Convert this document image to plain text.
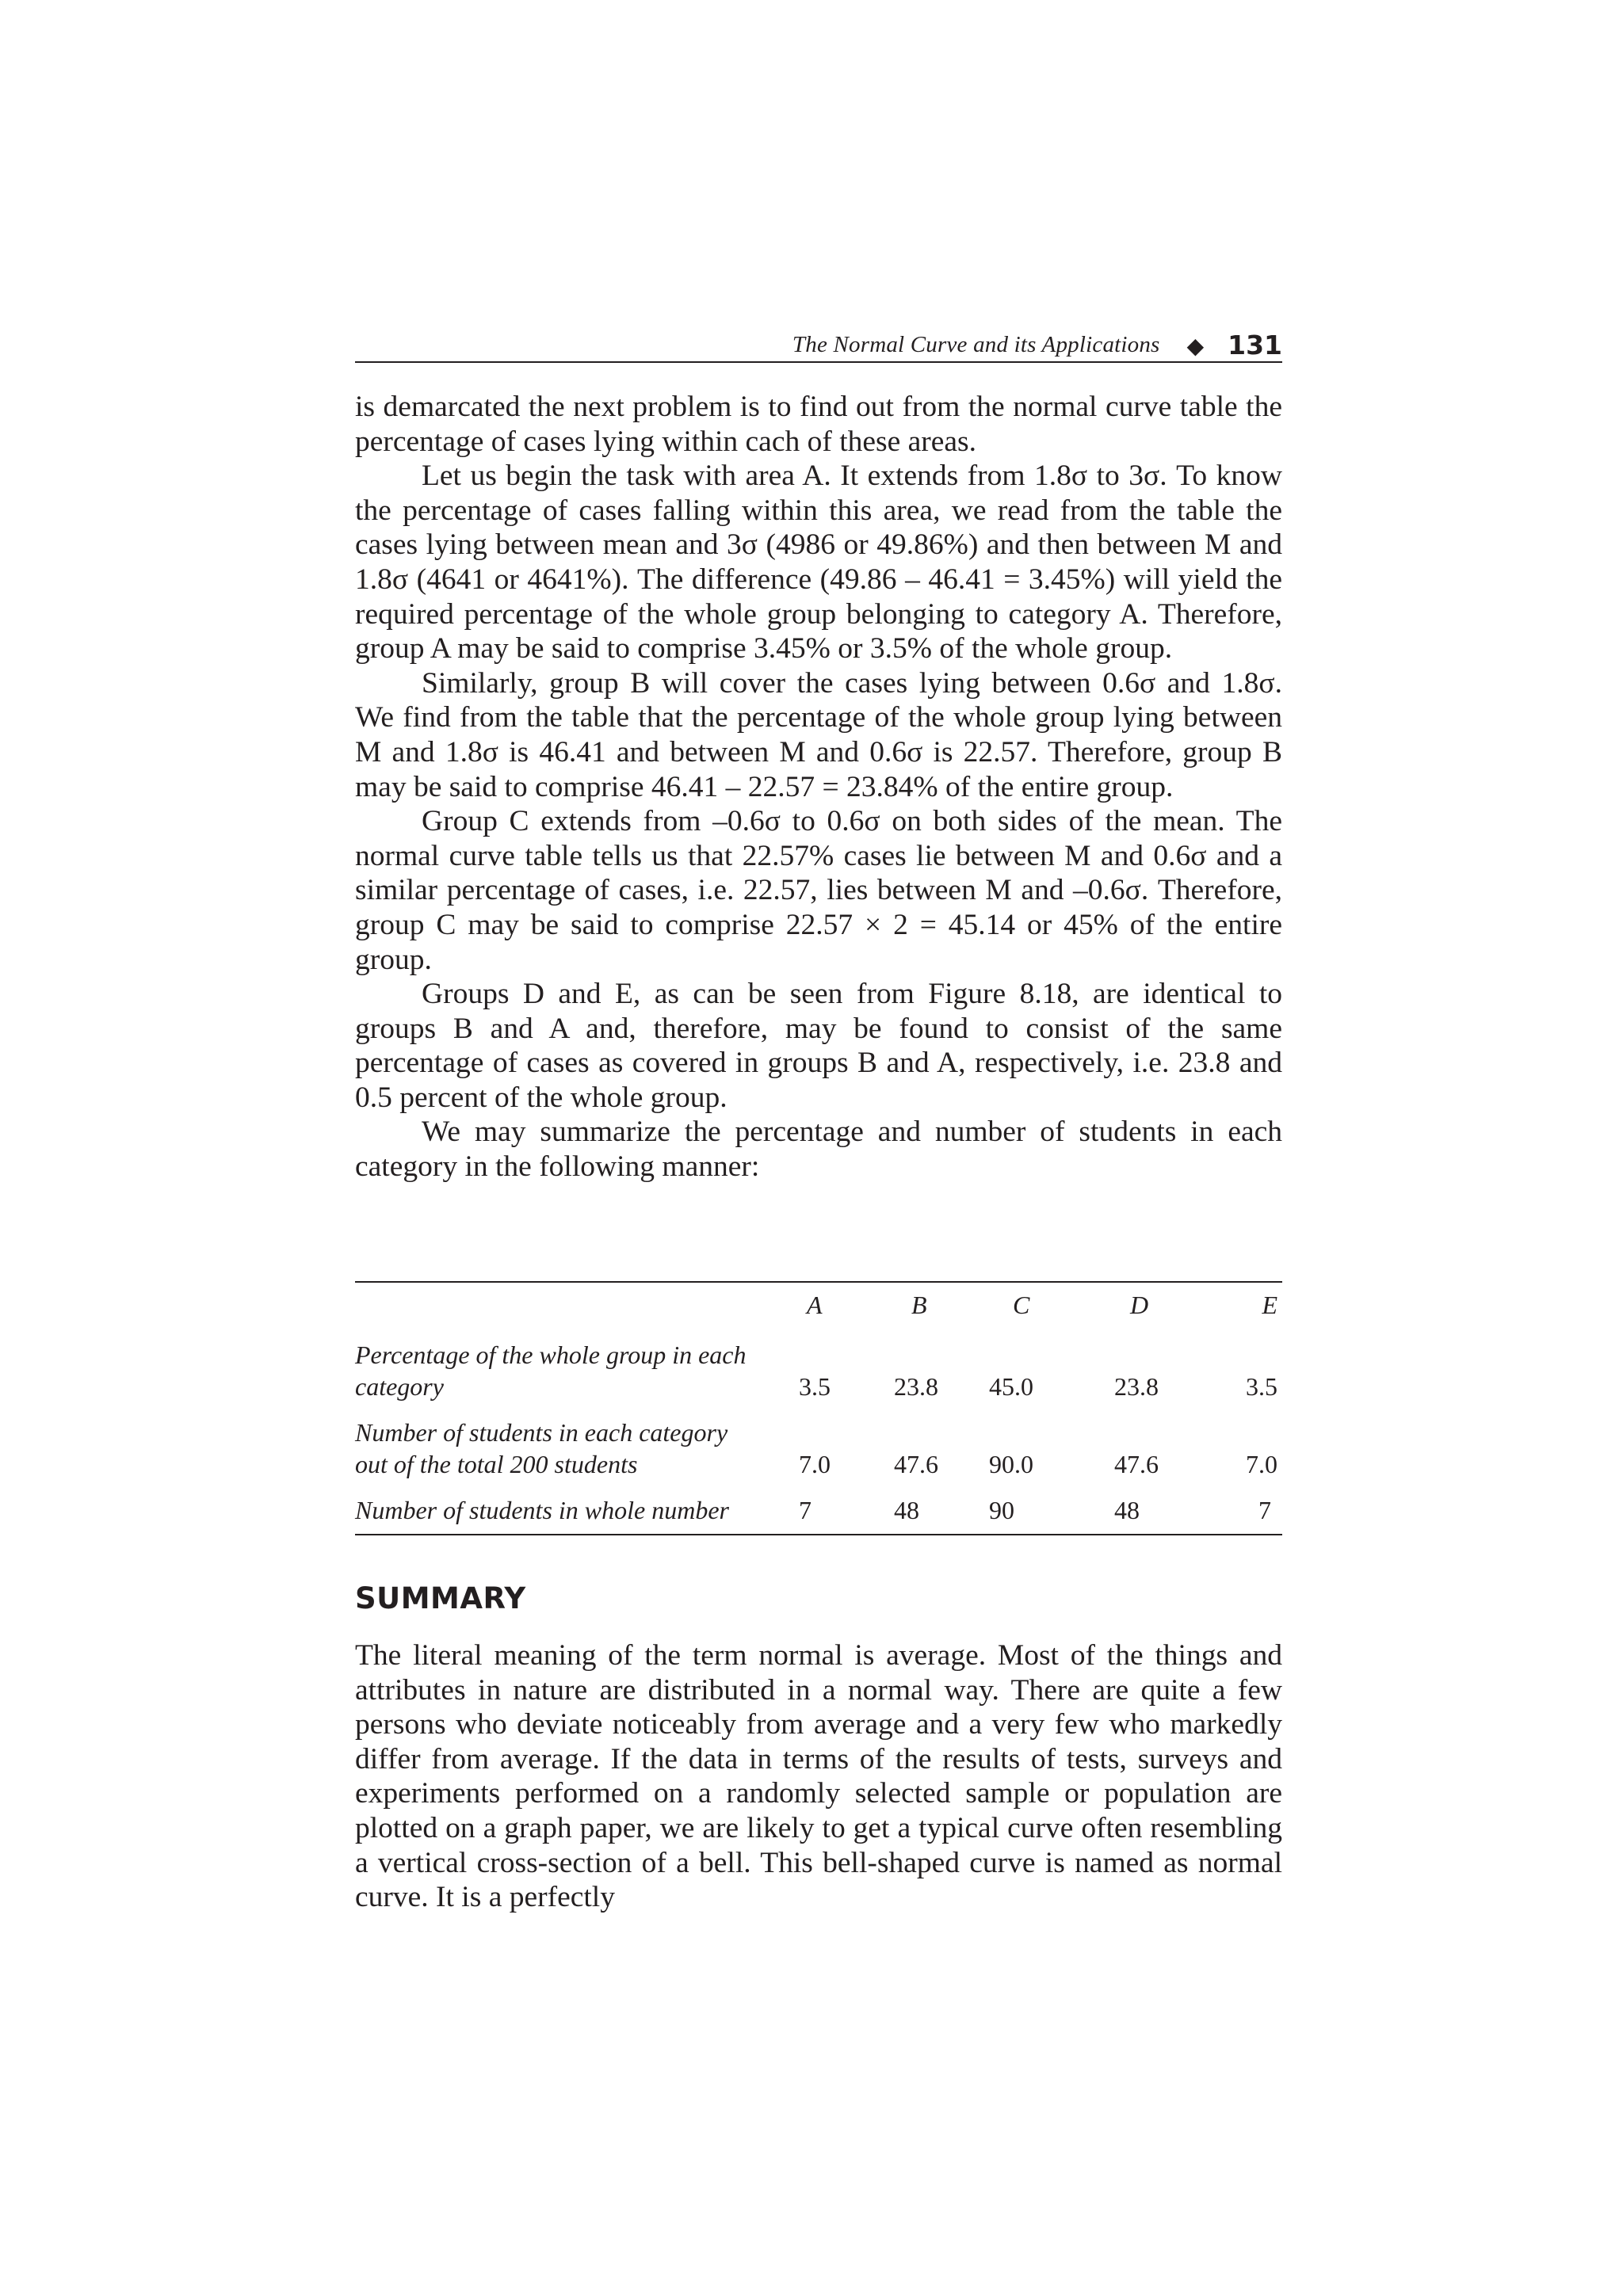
The Normal Curve and its Applications ◆ 131

is demarcated the next problem is to find out from the normal curve table the percentage of cases lying within cach of these areas.

Let us begin the task with area A. It extends from 1.8σ to 3σ. To know the percentage of cases falling within this area, we read from the table the cases lying between mean and 3σ (4986 or 49.86%) and then between M and 1.8σ (4641 or 4641%). The difference (49.86 – 46.41 = 3.45%) will yield the required percentage of the whole group belonging to category A. Therefore, group A may be said to comprise 3.45% or 3.5% of the whole group.

Similarly, group B will cover the cases lying between 0.6σ and 1.8σ. We find from the table that the percentage of the whole group lying between M and 1.8σ is 46.41 and between M and 0.6σ is 22.57. Therefore, group B may be said to comprise 46.41 – 22.57 = 23.84% of the entire group.

Group C extends from –0.6σ to 0.6σ on both sides of the mean. The normal curve table tells us that 22.57% cases lie between M and 0.6σ and a similar percentage of cases, i.e. 22.57, lies between M and –0.6σ. Therefore, group C may be said to comprise 22.57 × 2 = 45.14 or 45% of the entire group.

Groups D and E, as can be seen from Figure 8.18, are identical to groups B and A and, therefore, may be found to consist of the same percentage of cases as covered in groups B and A, respectively, i.e. 23.8 and 0.5 percent of the whole group.

We may summarize the percentage and number of students in each category in the following manner:

	A	B	C	D	E

Percentage of the whole group in each
category	3.5	23.8	45.0	23.8	3.5

Number of students in each category
out of the total 200 students	7.0	47.6	90.0	47.6	7.0

Number of students in whole number	7	48	90	48	7
SUMMARY

The literal meaning of the term normal is average. Most of the things and attributes in nature are distributed in a normal way. There are quite a few persons who deviate noticeably from average and a very few who markedly differ from average. If the data in terms of the results of tests, surveys and experiments performed on a randomly selected sample or population are plotted on a graph paper, we are likely to get a typical curve often resembling a vertical cross-section of a bell. This bell-shaped curve is named as normal curve. It is a perfectly
